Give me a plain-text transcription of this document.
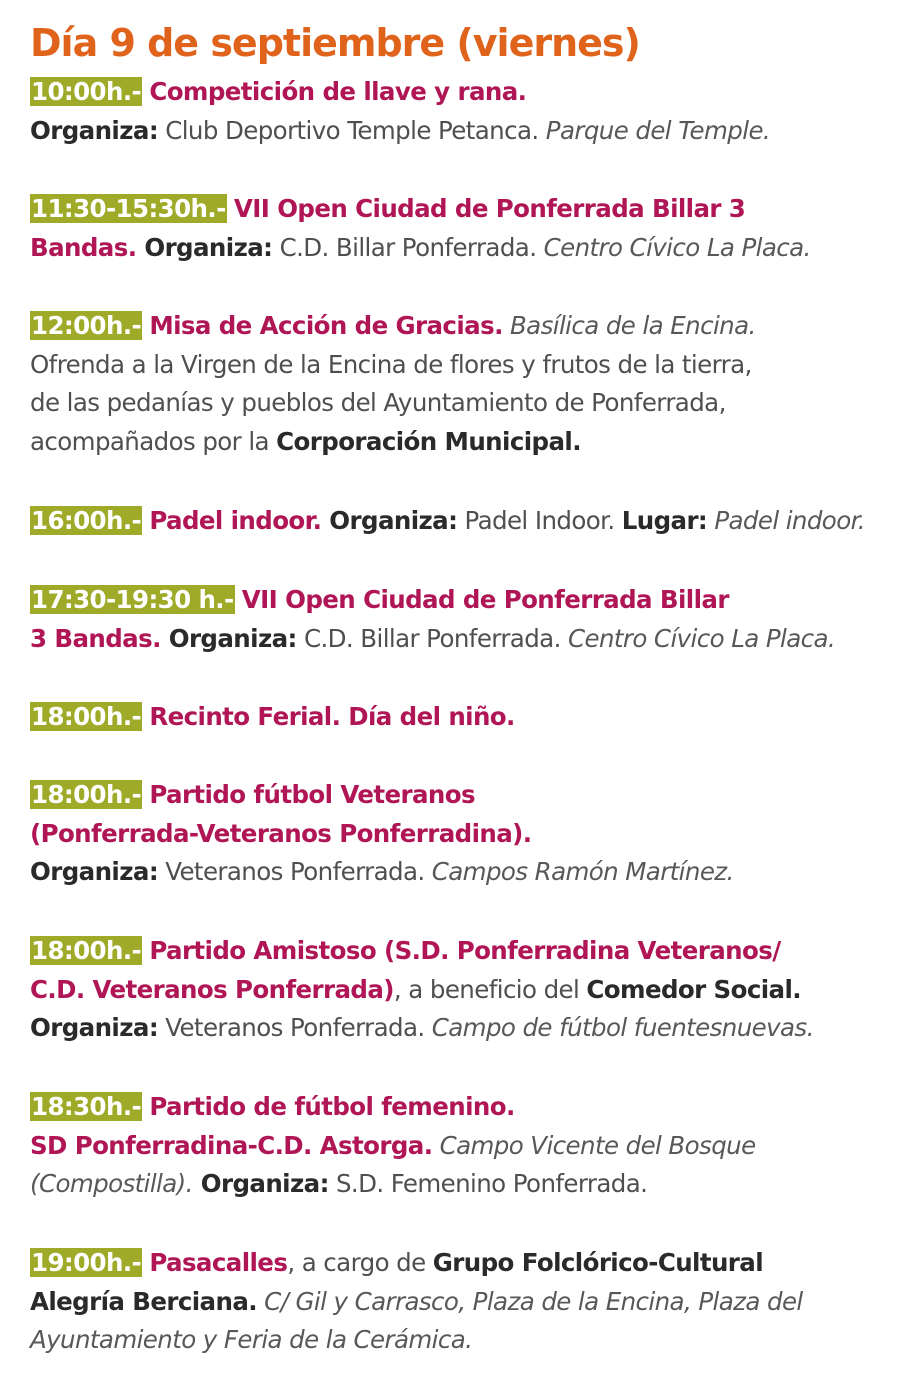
Día 9 de septiembre (viernes)
10:00h.- Competición de llave y rana.
Organiza: Club Deportivo Temple Petanca. Parque del Temple.
11:30-15:30h.- VII Open Ciudad de Ponferrada Billar 3
Bandas. Organiza: C.D. Billar Ponferrada. Centro Cívico La Placa.
12:00h.- Misa de Acción de Gracias. Basílica de la Encina.
Ofrenda a la Virgen de la Encina de flores y frutos de la tierra,
de las pedanías y pueblos del Ayuntamiento de Ponferrada,
acompañados por la Corporación Municipal.
16:00h.- Padel indoor. Organiza: Padel Indoor. Lugar: Padel indoor.
17:30-19:30 h.- VII Open Ciudad de Ponferrada Billar
3 Bandas. Organiza: C.D. Billar Ponferrada. Centro Cívico La Placa.
18:00h.- Recinto Ferial. Día del niño.
18:00h.- Partido fútbol Veteranos
(Ponferrada-Veteranos Ponferradina).
Organiza: Veteranos Ponferrada. Campos Ramón Martínez.
18:00h.- Partido Amistoso (S.D. Ponferradina Veteranos/
C.D. Veteranos Ponferrada), a beneficio del Comedor Social.
Organiza: Veteranos Ponferrada. Campo de fútbol fuentesnuevas.
18:30h.- Partido de fútbol femenino.
SD Ponferradina-C.D. Astorga. Campo Vicente del Bosque
(Compostilla). Organiza: S.D. Femenino Ponferrada.
19:00h.- Pasacalles, a cargo de Grupo Folclórico-Cultural
Alegría Berciana. C/ Gil y Carrasco, Plaza de la Encina, Plaza del
Ayuntamiento y Feria de la Cerámica.
